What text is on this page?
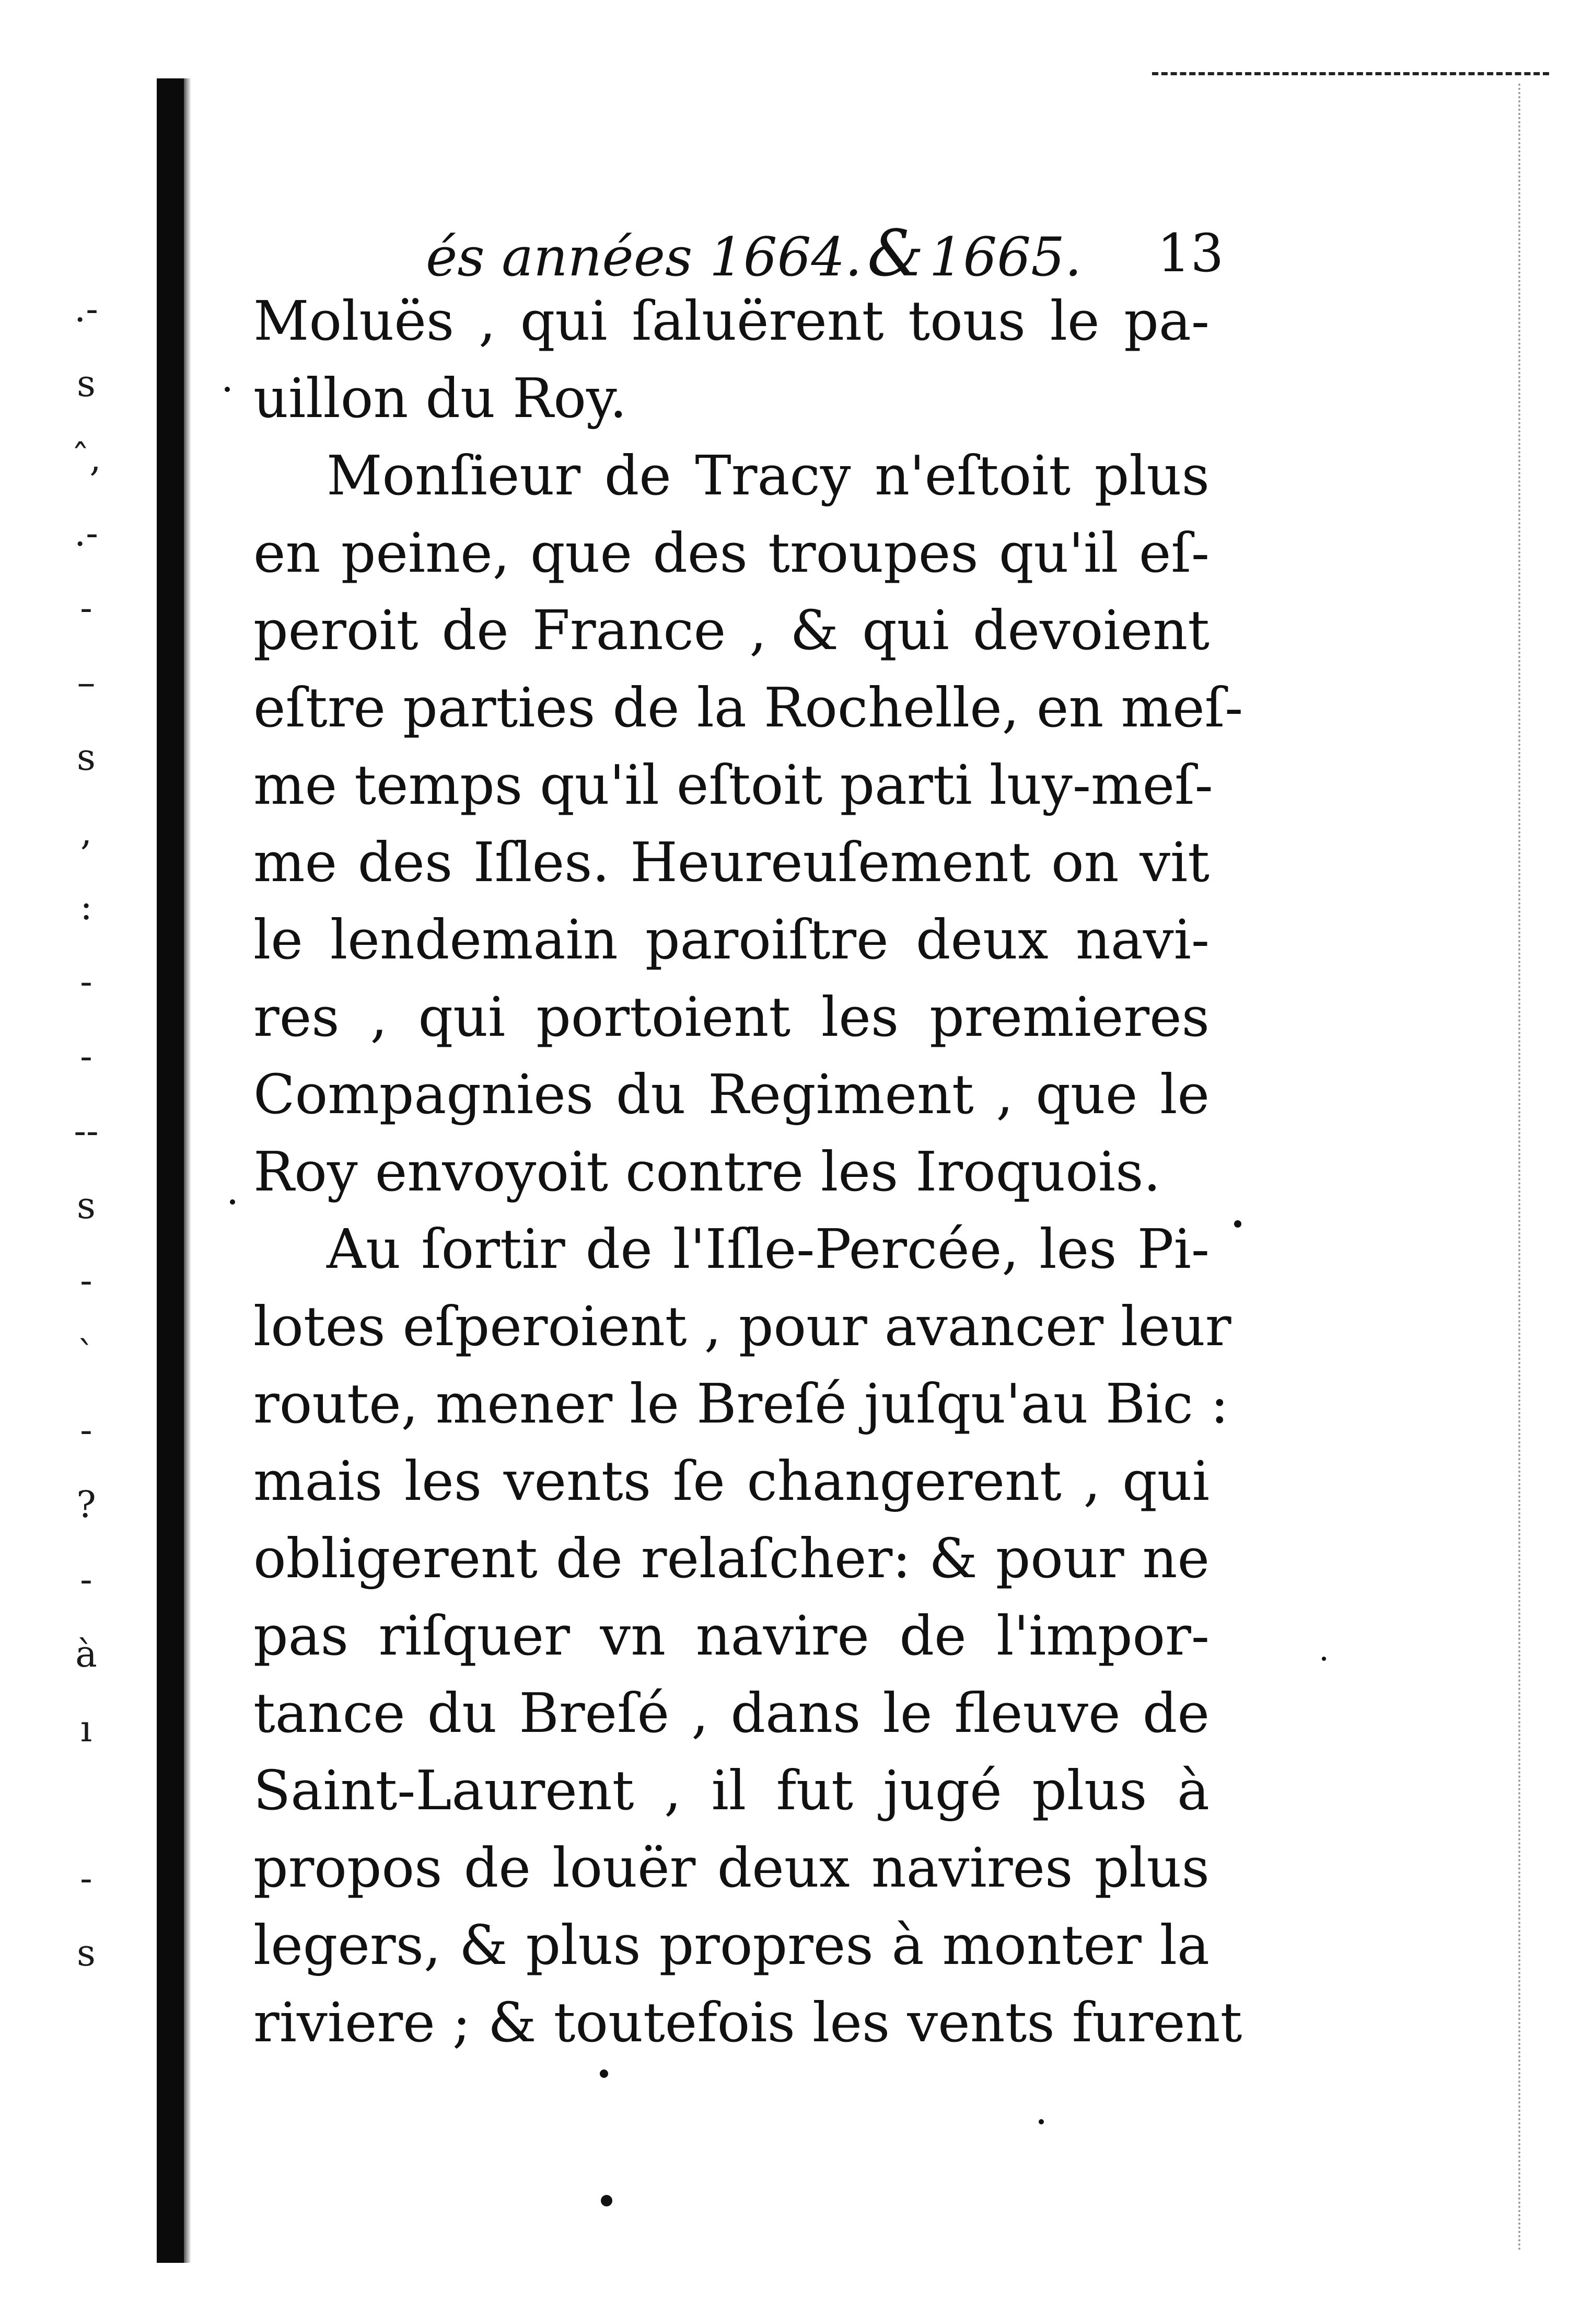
.-
s
ˆ,
.-
-
–
s
,
:
-
-
--
s
-
`
-
?
-
à
ı
-
s
és années 1664.&1665.	13
Moluës , qui ſaluërent tous le pa-
uillon du Roy.
Monſieur de Tracy n'eſtoit plus
en peine, que des troupes qu'il eſ-
peroit de France , & qui devoient
eſtre parties de la Rochelle, en meſ-
me temps qu'il eſtoit parti luy-meſ-
me des Iſles. Heureuſement on vit
le lendemain paroiſtre deux navi-
res , qui portoient les premieres
Compagnies du Regiment , que le
Roy envoyoit contre les Iroquois.
Au ſortir de l'Iſle-Percée, les Pi-
lotes eſperoient , pour avancer leur
route, mener le Breſé juſqu'au Bic :
mais les vents ſe changerent , qui
obligerent de relaſcher: & pour ne
pas riſquer vn navire de l'impor-
tance du Breſé , dans le fleuve de
Saint-Laurent , il fut jugé plus à
propos de louër deux navires plus
legers, & plus propres à monter la
riviere ; & toutefois les vents furent
